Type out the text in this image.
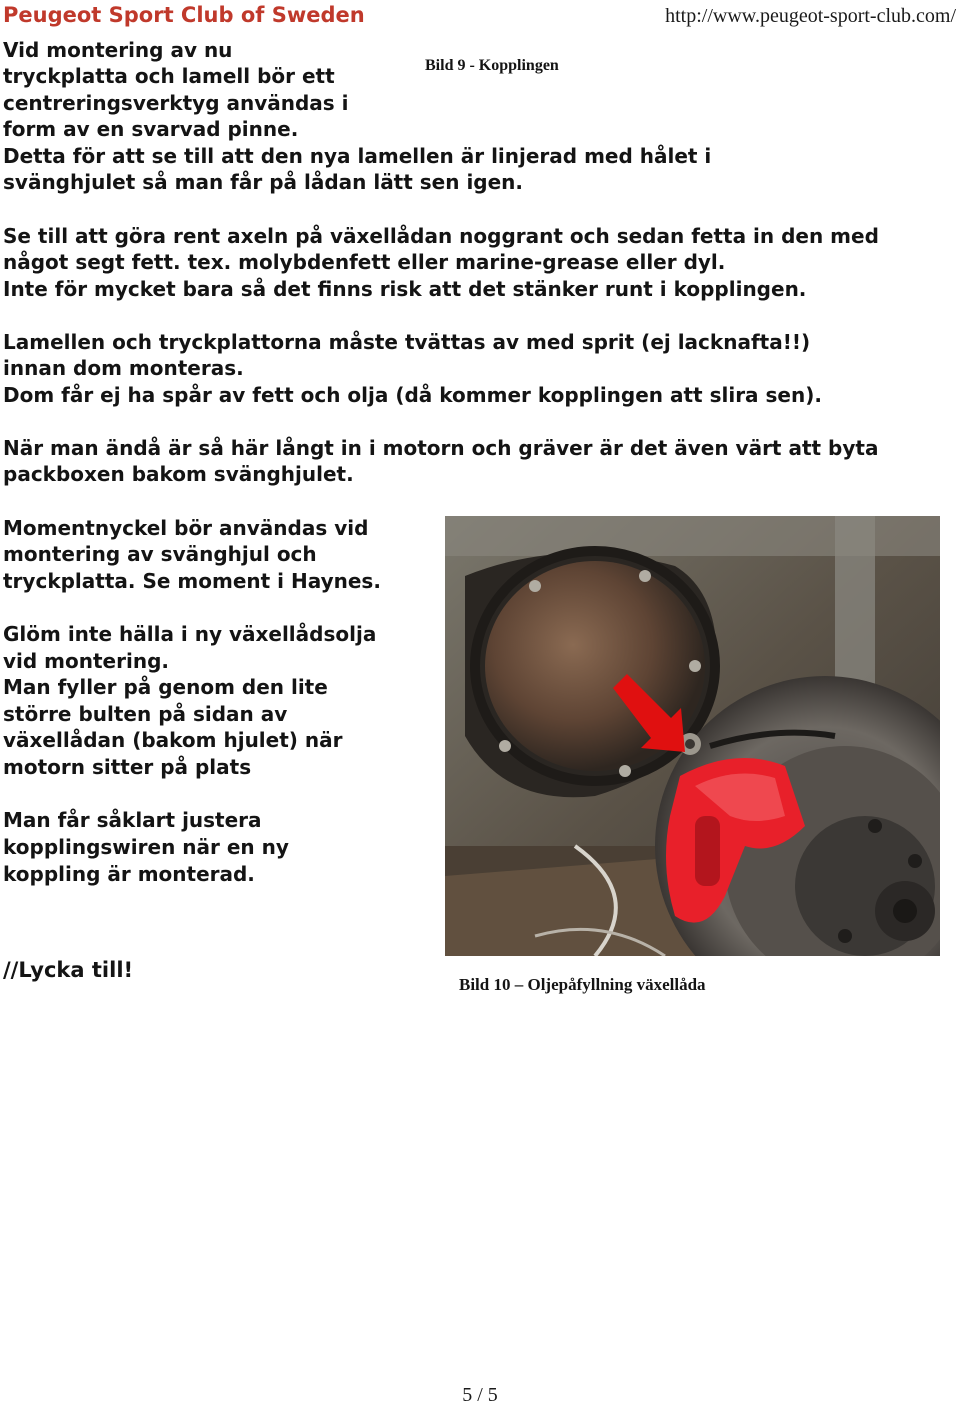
Peugeot Sport Club of Sweden	http://www.peugeot-sport-club.com/
Bild 9 - Kopplingen
Vid montering av nu
tryckplatta och lamell bör ett
centreringsverktyg användas i
form av en svarvad pinne.
Detta för att se till att den nya lamellen är linjerad med hålet i
svänghjulet så man får på lådan lätt sen igen.
Se till att göra rent axeln på växellådan noggrant och sedan fetta in den med
något segt fett. tex. molybdenfett eller marine-grease eller dyl.
Inte för mycket bara så det finns risk att det stänker runt i kopplingen.
Lamellen och tryckplattorna måste tvättas av med sprit (ej lacknafta!!)
innan dom monteras.
Dom får ej ha spår av fett och olja (då kommer kopplingen att slira sen).
När man ändå är så här långt in i motorn och gräver är det även värt att byta
packboxen bakom svänghjulet.
Momentnyckel bör användas vid
montering av svänghjul och
tryckplatta. Se moment i Haynes.
Glöm inte hälla i ny växellådsolja
vid montering.
Man fyller på genom den lite
större bulten på sidan av
växellådan (bakom hjulet) när
motorn sitter på plats
Man får såklart justera
kopplingswiren när en ny
koppling är monterad.
//Lycka till!
Bild 10 – Oljepåfyllning växellåda
5 / 5
